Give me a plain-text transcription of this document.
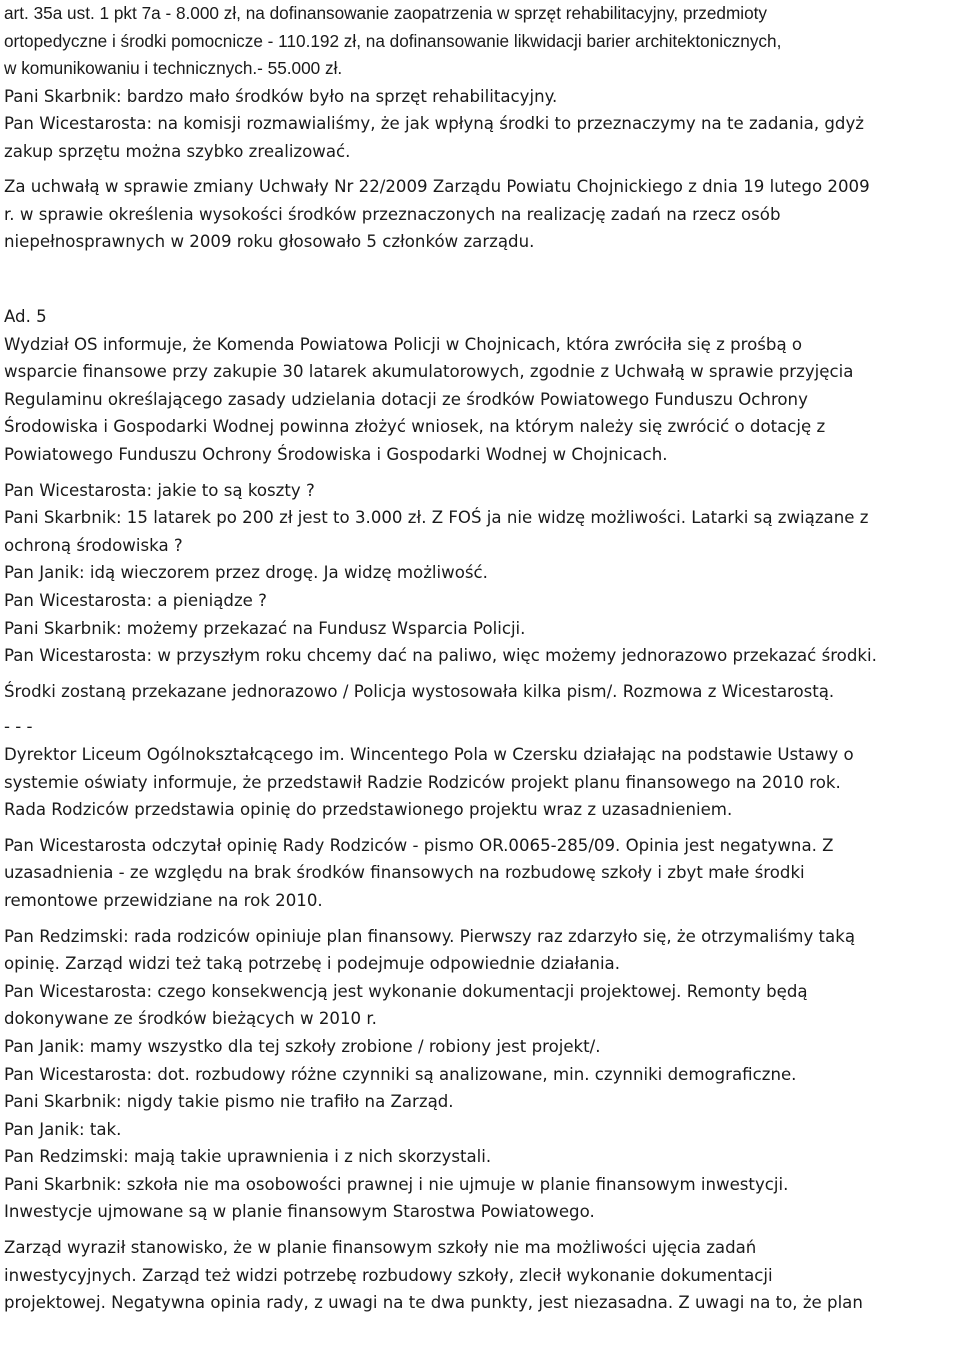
art. 35a ust. 1 pkt 7a - 8.000 zł, na dofinansowanie zaopatrzenia w sprzęt rehabilitacyjny, przedmioty
ortopedyczne i środki pomocnicze - 110.192 zł, na dofinansowanie likwidacji barier architektonicznych,
w komunikowaniu i technicznych.- 55.000 zł.
Pani Skarbnik: bardzo mało środków było na sprzęt rehabilitacyjny.
Pan Wicestarosta: na komisji rozmawialiśmy, że jak wpłyną środki to przeznaczymy na te zadania, gdyż
zakup sprzętu można szybko zrealizować.
Za uchwałą w sprawie zmiany Uchwały Nr 22/2009 Zarządu Powiatu Chojnickiego z dnia 19 lutego 2009
r. w sprawie określenia wysokości środków przeznaczonych na realizację zadań na rzecz osób
niepełnosprawnych w 2009 roku głosowało 5 członków zarządu.
Ad. 5
Wydział OS informuje, że Komenda Powiatowa Policji w Chojnicach, która zwróciła się z prośbą o
wsparcie finansowe przy zakupie 30 latarek akumulatorowych, zgodnie z Uchwałą w sprawie przyjęcia
Regulaminu określającego zasady udzielania dotacji ze środków Powiatowego Funduszu Ochrony
Środowiska i Gospodarki Wodnej powinna złożyć wniosek, na którym należy się zwrócić o dotację z
Powiatowego Funduszu Ochrony Środowiska i Gospodarki Wodnej w Chojnicach.
Pan Wicestarosta: jakie to są koszty ?
Pani Skarbnik: 15 latarek po 200 zł jest to 3.000 zł. Z FOŚ ja nie widzę możliwości. Latarki są związane z
ochroną środowiska ?
Pan Janik: idą wieczorem przez drogę. Ja widzę możliwość.
Pan Wicestarosta: a pieniądze ?
Pani Skarbnik: możemy przekazać na Fundusz Wsparcia Policji.
Pan Wicestarosta: w przyszłym roku chcemy dać na paliwo, więc możemy jednorazowo przekazać środki.
Środki zostaną przekazane jednorazowo / Policja wystosowała kilka pism/. Rozmowa z Wicestarostą.
- - -
Dyrektor Liceum Ogólnokształcącego im. Wincentego Pola w Czersku działając na podstawie Ustawy o
systemie oświaty informuje, że przedstawił Radzie Rodziców projekt planu finansowego na 2010 rok.
Rada Rodziców przedstawia opinię do przedstawionego projektu wraz z uzasadnieniem.
Pan Wicestarosta odczytał opinię Rady Rodziców - pismo OR.0065-285/09. Opinia jest negatywna. Z
uzasadnienia - ze względu na brak środków finansowych na rozbudowę szkoły i zbyt małe środki
remontowe przewidziane na rok 2010.
Pan Redzimski: rada rodziców opiniuje plan finansowy. Pierwszy raz zdarzyło się, że otrzymaliśmy taką
opinię. Zarząd widzi też taką potrzebę i podejmuje odpowiednie działania.
Pan Wicestarosta: czego konsekwencją jest wykonanie dokumentacji projektowej. Remonty będą
dokonywane ze środków bieżących w 2010 r.
Pan Janik: mamy wszystko dla tej szkoły zrobione / robiony jest projekt/.
Pan Wicestarosta: dot. rozbudowy różne czynniki są analizowane, min. czynniki demograficzne.
Pani Skarbnik: nigdy takie pismo nie trafiło na Zarząd.
Pan Janik: tak.
Pan Redzimski: mają takie uprawnienia i z nich skorzystali.
Pani Skarbnik: szkoła nie ma osobowości prawnej i nie ujmuje w planie finansowym inwestycji.
Inwestycje ujmowane są w planie finansowym Starostwa Powiatowego.
Zarząd wyraził stanowisko, że w planie finansowym szkoły nie ma możliwości ujęcia zadań
inwestycyjnych. Zarząd też widzi potrzebę rozbudowy szkoły, zlecił wykonanie dokumentacji
projektowej. Negatywna opinia rady, z uwagi na te dwa punkty, jest niezasadna. Z uwagi na to, że plan
